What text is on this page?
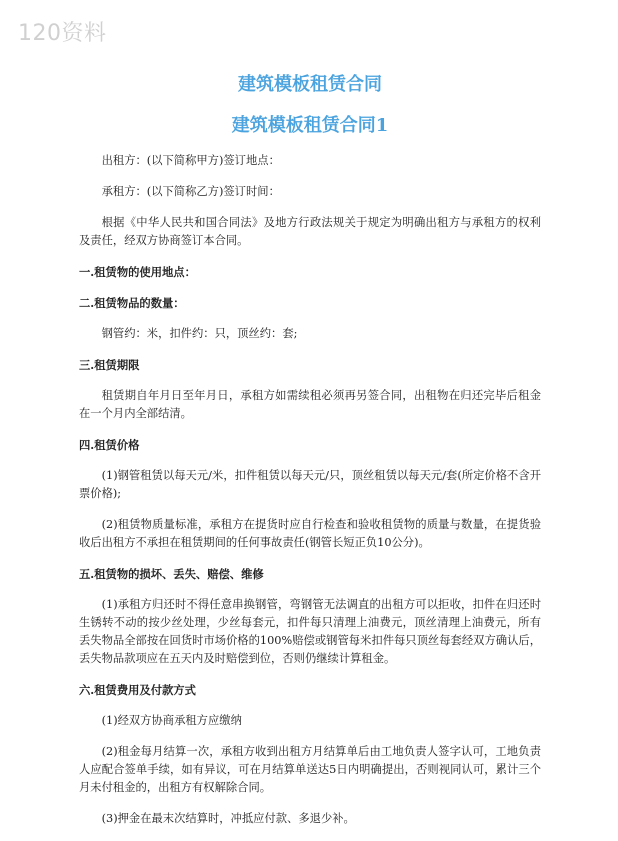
120资料
建筑模板租赁合同
建筑模板租赁合同1

出租方：(以下简称甲方)签订地点：

承租方：(以下简称乙方)签订时间：

根据《中华人民共和国合同法》及地方行政法规关于规定为明确出租方与承租方的权利及责任，经双方协商签订本合同。

一.租赁物的使用地点：

二.租赁物品的数量：

钢管约：米，扣件约：只，顶丝约：套;

三.租赁期限

租赁期自年月日至年月日，承租方如需续租必须再另签合同，出租物在归还完毕后租金在一个月内全部结清。

四.租赁价格

(1)钢管租赁以每天元/米，扣件租赁以每天元/只，顶丝租赁以每天元/套(所定价格不含开票价格);

(2)租赁物质量标准，承租方在提货时应自行检查和验收租赁物的质量与数量，在提货验收后出租方不承担在租赁期间的任何事故责任(钢管长短正负10公分)。

五.租赁物的损坏、丢失、赔偿、维修

(1)承租方归还时不得任意串换钢管，弯钢管无法调直的出租方可以拒收，扣件在归还时生锈转不动的按少丝处理，少丝每套元，扣件每只清理上油费元，顶丝清理上油费元，所有丢失物品全部按在回货时市场价格的100%赔偿或钢管每米扣件每只顶丝每套经双方确认后，丢失物品款项应在五天内及时赔偿到位，否则仍继续计算租金。

六.租赁费用及付款方式

(1)经双方协商承租方应缴纳

(2)租金每月结算一次，承租方收到出租方月结算单后由工地负责人签字认可，工地负责人应配合签单手续，如有异议，可在月结算单送达5日内明确提出，否则视同认可，累计三个月未付租金的，出租方有权解除合同。

(3)押金在最末次结算时，冲抵应付款、多退少补。
